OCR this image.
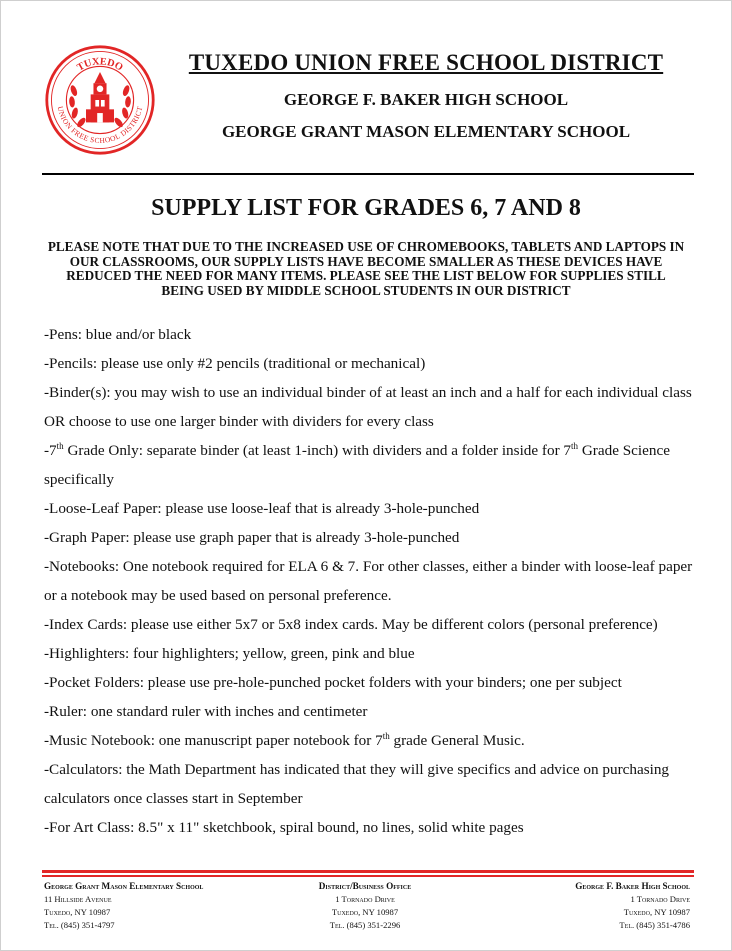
TUXEDO
UNION FREE SCHOOL DISTRICT
TUXEDO UNION FREE SCHOOL DISTRICT
GEORGE F. BAKER HIGH SCHOOL
GEORGE GRANT MASON ELEMENTARY SCHOOL
SUPPLY LIST FOR GRADES 6, 7 AND 8
PLEASE NOTE THAT DUE TO THE INCREASED USE OF CHROMEBOOKS, TABLETS AND LAPTOPS IN OUR CLASSROOMS, OUR SUPPLY LISTS HAVE BECOME SMALLER AS THESE DEVICES HAVE REDUCED THE NEED FOR MANY ITEMS. PLEASE SEE THE LIST BELOW FOR SUPPLIES STILL BEING USED BY MIDDLE SCHOOL STUDENTS IN OUR DISTRICT
-Pens: blue and/or black
-Pencils: please use only #2 pencils (traditional or mechanical)
-Binder(s): you may wish to use an individual binder of at least an inch and a half for each individual class OR choose to use one larger binder with dividers for every class
-7th Grade Only: separate binder (at least 1-inch) with dividers and a folder inside for 7th Grade Science specifically
-Loose-Leaf Paper: please use loose-leaf that is already 3-hole-punched
-Graph Paper: please use graph paper that is already 3-hole-punched
-Notebooks: One notebook required for ELA 6 & 7. For other classes, either a binder with loose-leaf paper or a notebook may be used based on personal preference.
-Index Cards: please use either 5x7 or 5x8 index cards. May be different colors (personal preference)
-Highlighters: four highlighters; yellow, green, pink and blue
-Pocket Folders: please use pre-hole-punched pocket folders with your binders; one per subject
-Ruler: one standard ruler with inches and centimeter
-Music Notebook: one manuscript paper notebook for 7th grade General Music.
-Calculators: the Math Department has indicated that they will give specifics and advice on purchasing calculators once classes start in September
-For Art Class: 8.5" x 11" sketchbook, spiral bound, no lines, solid white pages
George Grant Mason Elementary School
11 Hillside Avenue
Tuxedo, NY 10987
Tel. (845) 351-4797
District/Business Office
1 Tornado Drive
Tuxedo, NY 10987
Tel. (845) 351-2296
George F. Baker High School
1 Tornado Drive
Tuxedo, NY 10987
Tel. (845) 351-4786
